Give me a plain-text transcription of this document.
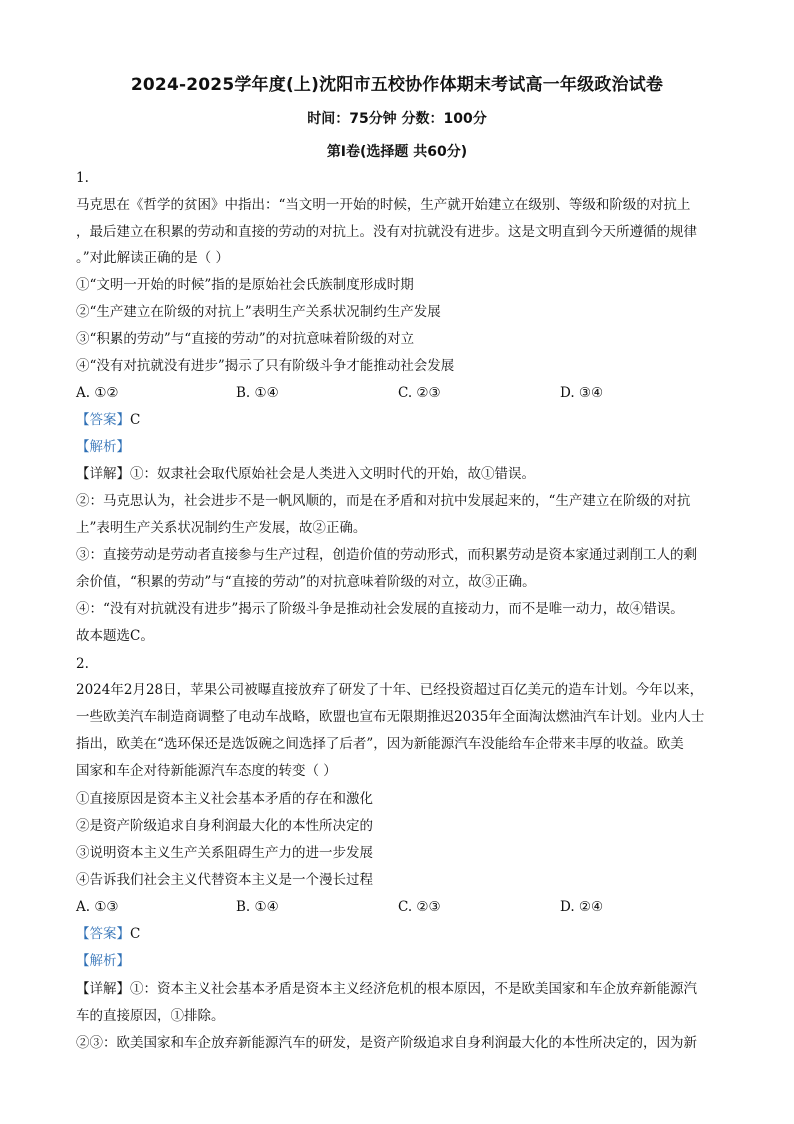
2024-2025学年度(上)沈阳市五校协作体期末考试高一年级政治试卷
时间：75分钟 分数：100分
第Ⅰ卷(选择题 共60分)
1.
马克思在《哲学的贫困》中指出：“当文明一开始的时候，生产就开始建立在级别、等级和阶级的对抗上
，最后建立在积累的劳动和直接的劳动的对抗上。没有对抗就没有进步。这是文明直到今天所遵循的规律
。”对此解读正确的是（ ）
①“文明一开始的时候”指的是原始社会氏族制度形成时期
②“生产建立在阶级的对抗上”表明生产关系状况制约生产发展
③“积累的劳动”与“直接的劳动”的对抗意味着阶级的对立
④“没有对抗就没有进步”揭示了只有阶级斗争才能推动社会发展
A. ①②	B. ①④	C. ②③	D. ③④
【答案】C
【解析】
【详解】①：奴隶社会取代原始社会是人类进入文明时代的开始，故①错误。
②：马克思认为，社会进步不是一帆风顺的，而是在矛盾和对抗中发展起来的，“生产建立在阶级的对抗
上”表明生产关系状况制约生产发展，故②正确。
③：直接劳动是劳动者直接参与生产过程，创造价值的劳动形式，而积累劳动是资本家通过剥削工人的剩
余价值，“积累的劳动”与“直接的劳动”的对抗意味着阶级的对立，故③正确。
④：“没有对抗就没有进步”揭示了阶级斗争是推动社会发展的直接动力，而不是唯一动力，故④错误。
故本题选C。
2.
2024年2月28日，苹果公司被曝直接放弃了研发了十年、已经投资超过百亿美元的造车计划。今年以来，
一些欧美汽车制造商调整了电动车战略，欧盟也宣布无限期推迟2035年全面淘汰燃油汽车计划。业内人士
指出，欧美在“选环保还是选饭碗之间选择了后者”，因为新能源汽车没能给车企带来丰厚的收益。欧美
国家和车企对待新能源汽车态度的转变（ ）
①直接原因是资本主义社会基本矛盾的存在和激化
②是资产阶级追求自身利润最大化的本性所决定的
③说明资本主义生产关系阻碍生产力的进一步发展
④告诉我们社会主义代替资本主义是一个漫长过程
A. ①③	B. ①④	C. ②③	D. ②④
【答案】C
【解析】
【详解】①：资本主义社会基本矛盾是资本主义经济危机的根本原因，不是欧美国家和车企放弃新能源汽
车的直接原因，①排除。
②③：欧美国家和车企放弃新能源汽车的研发，是资产阶级追求自身利润最大化的本性所决定的，因为新
